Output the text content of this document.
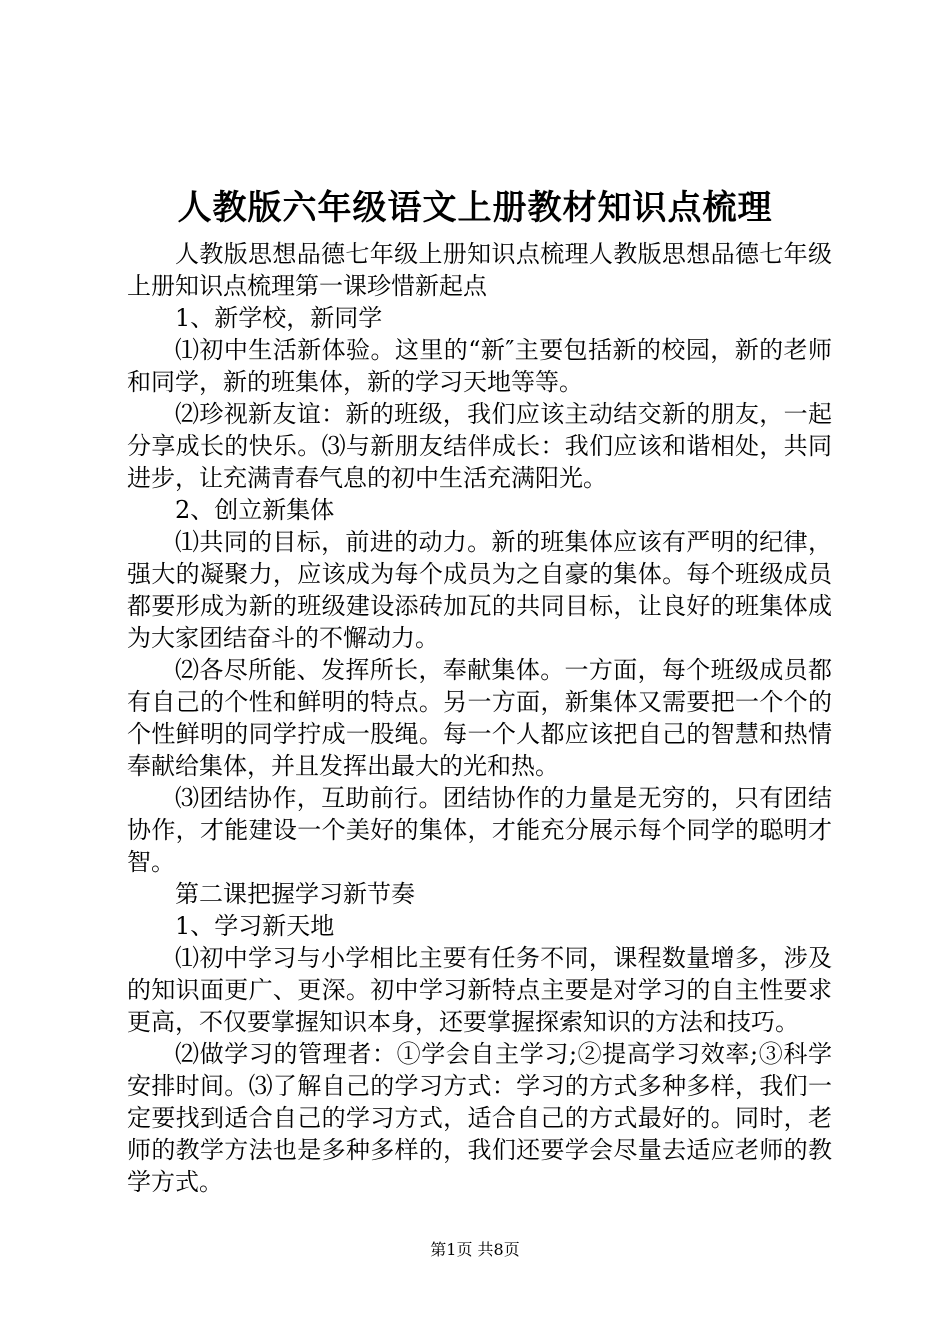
人教版六年级语文上册教材知识点梳理

人教版思想品德七年级上册知识点梳理人教版思想品德七年级上册知识点梳理第一课珍惜新起点

1、新学校，新同学

⑴初中生活新体验。这里的“新″主要包括新的校园，新的老师和同学，新的班集体，新的学习天地等等。

⑵珍视新友谊：新的班级，我们应该主动结交新的朋友，一起分享成长的快乐。⑶与新朋友结伴成长：我们应该和谐相处，共同进步，让充满青春气息的初中生活充满阳光。

2、创立新集体

⑴共同的目标，前进的动力。新的班集体应该有严明的纪律，强大的凝聚力，应该成为每个成员为之自豪的集体。每个班级成员都要形成为新的班级建设添砖加瓦的共同目标，让良好的班集体成为大家团结奋斗的不懈动力。

⑵各尽所能、发挥所长，奉献集体。一方面，每个班级成员都有自己的个性和鲜明的特点。另一方面，新集体又需要把一个个的个性鲜明的同学拧成一股绳。每一个人都应该把自己的智慧和热情奉献给集体，并且发挥出最大的光和热。

⑶团结协作，互助前行。团结协作的力量是无穷的，只有团结协作，才能建设一个美好的集体，才能充分展示每个同学的聪明才智。

第二课把握学习新节奏

1、学习新天地

⑴初中学习与小学相比主要有任务不同，课程数量增多，涉及的知识面更广、更深。初中学习新特点主要是对学习的自主性要求更高，不仅要掌握知识本身，还要掌握探索知识的方法和技巧。

⑵做学习的管理者：①学会自主学习;②提高学习效率;③科学安排时间。⑶了解自己的学习方式：学习的方式多种多样，我们一定要找到适合自己的学习方式，适合自己的方式最好的。同时，老师的教学方法也是多种多样的，我们还要学会尽量去适应老师的教学方式。

第1页 共8页
